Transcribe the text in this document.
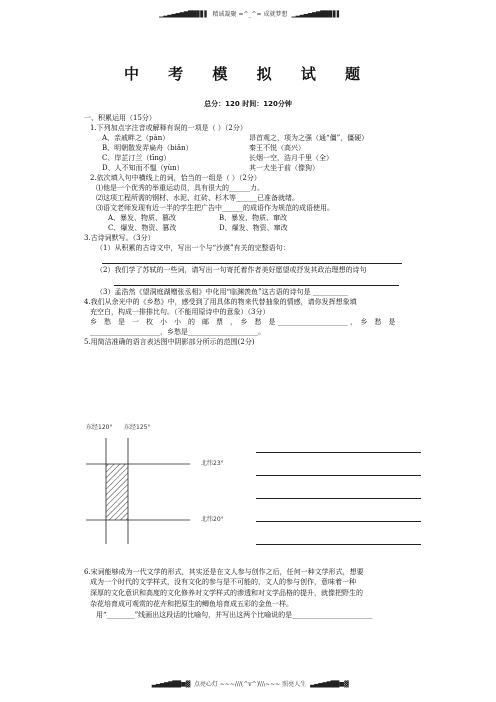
▁▂▃▄▅▆▇█▉▊▋▌ 精诚凝聚 =^_^= 成就梦想 ▁▂▃▄▅▆▇█▉▊▋▌
中 考 模 拟 试 题
总分：120 时间：120分钟
一、积累运用（15分）
1.下列加点字注音或解释有误的一项是（ ）（2分）
A、亲戚畔之（pàn）	昂首观之，项为之强（通“僵”，僵硬）
B、明朝散发弄扁舟（biǎn）	秦王不悦（高兴）
C、岸芷汀兰（tīng）	长烟一空，浩月千里（全）
D、人不知而不愠（yùn）	其一犬坐于前（像狗）
2.依次填入句中横线上的词，恰当的一组是（ ）（2分）
⑴他是一个优秀的举重运动员，具有很大的______力。
⑵这项工程所需的钢材、水泥、红砖、杉木等______已准备就绪。
⑶语文老师发现有近一半的学生把广告中______的成语作为规范的成语使用。
A、暴发、物质、篡改	B、暴发、物质、窜改
C、爆发、物资、篡改	D、爆发、物资、窜改
3.古诗词默写。（3分）
（1）从积累的古诗文中，写出一个与“沙漠”有关的完整语句：
（2）我们学了苏轼的一些词，请写出一句寄托着作者美好愿望或抒发其政治理想的诗句
（3）孟浩然《望洞庭湖赠张丞相》中化用“临渊羡鱼”这古语的诗句是 __________
4.我们从余光中的《乡愁》中，感受到了用具体的物来代替抽象的情感，请你发挥想象填
充空白，构成一排排比句。（不能用原诗中的意象）（3分）
乡　愁　是　一　枚　小　小　的　邮　票　，　乡　愁　是 ____________________ ，　乡　愁　是
____________________，乡愁是____________________。
5.用简洁准确的语言表达图中阴影部分所示的范围(2分)
东经120° 东经125°
北纬23°
北纬20°
6.宋词能够成为一代文学的形式，其实还是在文人参与创作之后，任何一种文学形式，想要
成为一个时代的文学样式，没有文化的参与是不可能的，文人的参与创作，意味着一种
深厚的文化意识和高度的文化修养对文学样式的渗透和对文学品格的提升，就像把野生的
杂花培育成可观赏的花卉和把原生的鲫鱼培育成五彩的金鱼一样。
用“________”线画出这段话的比喻句，并写出这两个比喻说的是_______________________
▃▄▅▆▇██■▓ 点亮心灯 ~~~///(^v^)\\\~~~ 照亮人生 ▃▄▅▆▇██■▓
